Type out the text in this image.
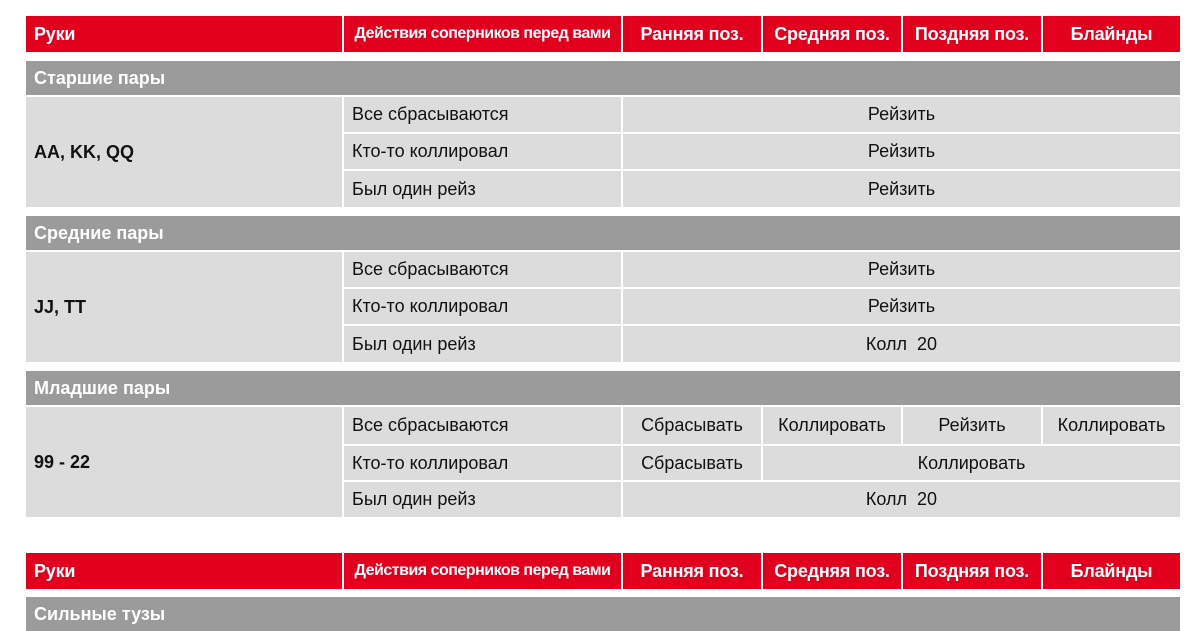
Руки	Действия соперников перед вами	Ранняя поз.	Средняя поз.	Поздняя поз.	Блайнды
Старшие пары
AA, KK, QQ
Все сбрасываются	Рейзить
Кто-то коллировал	Рейзить
Был один рейз	Рейзить
Средние пары
JJ, TT
Все сбрасываются	Рейзить
Кто-то коллировал	Рейзить
Был один рейз	Колл  20
Младшие пары
99 - 22
Все сбрасываются	Сбрасывать	Коллировать	Рейзить	Коллировать
Кто-то коллировал	Сбрасывать	Коллировать
Был один рейз	Колл  20
Руки	Действия соперников перед вами	Ранняя поз.	Средняя поз.	Поздняя поз.	Блайнды
Сильные тузы
